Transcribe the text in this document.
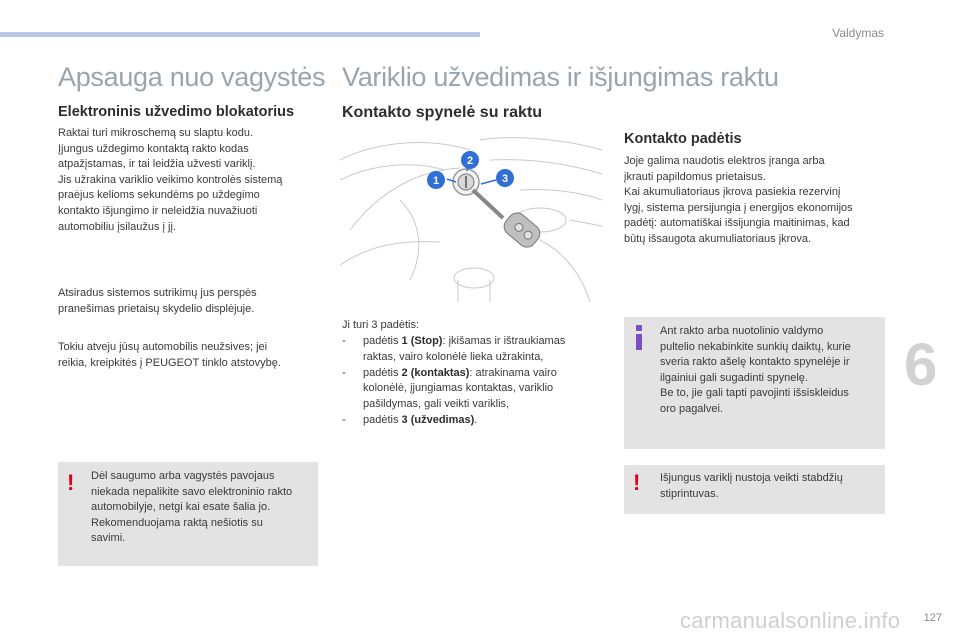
Valdymas
Apsauga nuo vagystės
Elektroninis užvedimo blokatorius
Raktai turi mikroschemą su slaptu kodu.
Įjungus uždegimo kontaktą rakto kodas
atpažįstamas, ir tai leidžia užvesti variklį.
Jis užrakina variklio veikimo kontrolės sistemą
praėjus kelioms sekundėms po uždegimo
kontakto išjungimo ir neleidžia nuvažiuoti
automobiliu įsilaužus į jį.
Atsiradus sistemos sutrikimų jus perspės
pranešimas prietaisų skydelio displėjuje.
Tokiu atveju jūsų automobilis neužsives; jei
reikia, kreipkitės į PEUGEOT tinklo atstovybę.
! Dėl saugumo arba vagystės pavojaus
niekada nepalikite savo elektroninio rakto
automobilyje, netgi kai esate šalia jo.
Rekomenduojama raktą nešiotis su
savimi.
Variklio užvedimas ir išjungimas raktu
Kontakto spynelė su raktu
1
2
3
Ji turi 3 padėtis:
- padėtis 1 (Stop): įkišamas ir ištraukiamas
raktas, vairo kolonėlė lieka užrakinta,
- padėtis 2 (kontaktas): atrakinama vairo
kolonėlė, įjungiamas kontaktas, variklio
pašildymas, gali veikti variklis,
- padėtis 3 (užvedimas).
Kontakto padėtis
Joje galima naudotis elektros įranga arba
įkrauti papildomus prietaisus.
Kai akumuliatoriaus įkrova pasiekia rezervinį
lygį, sistema persijungia į energijos ekonomijos
padėtį: automatiškai išsijungia maitinimas, kad
būtų išsaugota akumuliatoriaus įkrova.
Ant rakto arba nuotolinio valdymo
pultelio nekabinkite sunkių daiktų, kurie
sveria rakto ašelę kontakto spynelėje ir
ilgainiui gali sugadinti spynelę.
Be to, jie gali tapti pavojinti išsiskleidus
oro pagalvei.
! Išjungus variklį nustoja veikti stabdžių
stiprintuvas.
6
carmanualsonline.info 127
